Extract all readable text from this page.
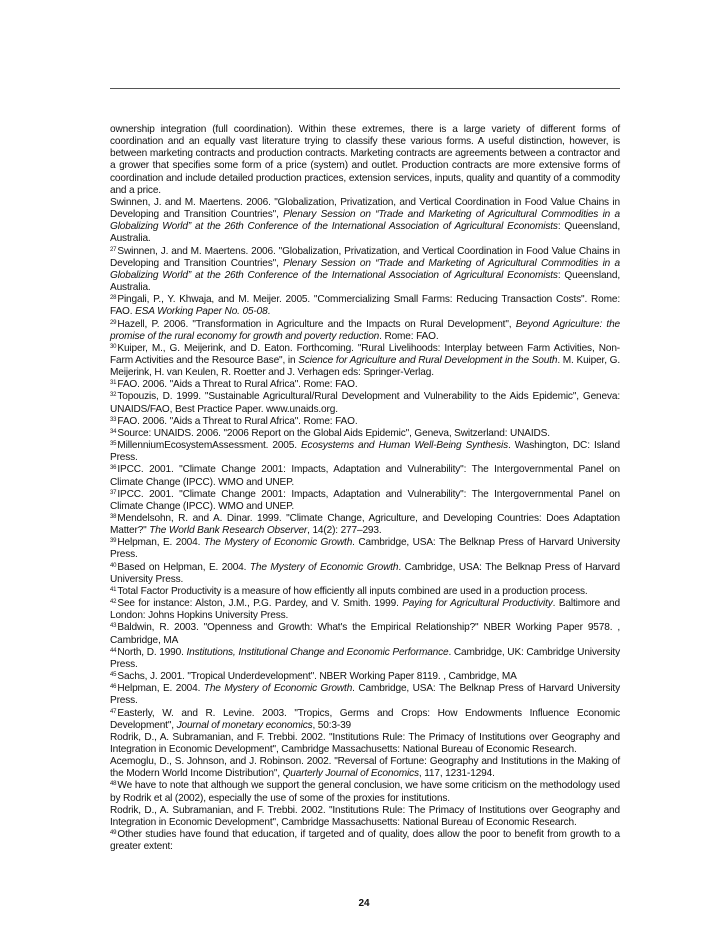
ownership integration (full coordination). Within these extremes, there is a large variety of different forms of coordination and an equally vast literature trying to classify these various forms. A useful distinction, however, is between marketing contracts and production contracts. Marketing contracts are agreements between a contractor and a grower that specifies some form of a price (system) and outlet. Production contracts are more extensive forms of coordination and include detailed production practices, extension services, inputs, quality and quantity of a commodity and a price.

Swinnen, J. and M. Maertens. 2006. "Globalization, Privatization, and Vertical Coordination in Food Value Chains in Developing and Transition Countries", Plenary Session on “Trade and Marketing of Agricultural Commodities in a Globalizing World” at the 26th Conference of the International Association of Agricultural Economists: Queensland, Australia.

$^{27}$Swinnen, J. and M. Maertens. 2006. "Globalization, Privatization, and Vertical Coordination in Food Value Chains in Developing and Transition Countries", Plenary Session on “Trade and Marketing of Agricultural Commodities in a Globalizing World” at the 26th Conference of the International Association of Agricultural Economists: Queensland, Australia.

$^{28}$Pingali, P., Y. Khwaja, and M. Meijer. 2005. "Commercializing Small Farms: Reducing Transaction Costs". Rome: FAO. ESA Working Paper No. 05-08.

$^{29}$Hazell, P. 2006. "Transformation in Agriculture and the Impacts on Rural Development", Beyond Agriculture: the promise of the rural economy for growth and poverty reduction. Rome: FAO.

$^{30}$Kuiper, M., G. Meijerink, and D. Eaton. Forthcoming. "Rural Livelihoods: Interplay between Farm Activities, Non-Farm Activities and the Resource Base", in Science for Agriculture and Rural Development in the South. M. Kuiper, G. Meijerink, H. van Keulen, R. Roetter and J. Verhagen eds: Springer-Verlag.

$^{31}$FAO. 2006. "Aids a Threat to Rural Africa". Rome: FAO.

$^{32}$Topouzis, D. 1999. "Sustainable Agricultural/Rural Development and Vulnerability to the Aids Epidemic", Geneva: UNAIDS/FAO, Best Practice Paper. www.unaids.org.

$^{33}$FAO. 2006. "Aids a Threat to Rural Africa". Rome: FAO.

$^{34}$Source: UNAIDS. 2006. "2006 Report on the Global Aids Epidemic", Geneva, Switzerland: UNAIDS.

$^{35}$MillenniumEcosystemAssessment. 2005. Ecosystems and Human Well-Being Synthesis. Washington, DC: Island Press.

$^{36}$IPCC. 2001. "Climate Change 2001: Impacts, Adaptation and Vulnerability": The Intergovernmental Panel on Climate Change (IPCC). WMO and UNEP.

$^{37}$IPCC. 2001. "Climate Change 2001: Impacts, Adaptation and Vulnerability": The Intergovernmental Panel on Climate Change (IPCC). WMO and UNEP.

$^{38}$Mendelsohn, R. and A. Dinar. 1999. "Climate Change, Agriculture, and Developing Countries: Does Adaptation Matter?" The World Bank Research Observer, 14(2): 277–293.

$^{39}$Helpman, E. 2004. The Mystery of Economic Growth. Cambridge, USA: The Belknap Press of Harvard University Press.

$^{40}$Based on Helpman, E. 2004. The Mystery of Economic Growth. Cambridge, USA: The Belknap Press of Harvard University Press.

$^{41}$Total Factor Productivity is a measure of how efficiently all inputs combined are used in a production process.

$^{42}$See for instance: Alston, J.M., P.G. Pardey, and V. Smith. 1999. Paying for Agricultural Productivity. Baltimore and London: Johns Hopkins University Press.

$^{43}$Baldwin, R. 2003. "Openness and Growth: What's the Empirical Relationship?" NBER Working Paper 9578. , Cambridge, MA

$^{44}$North, D. 1990. Institutions, Institutional Change and Economic Performance. Cambridge, UK: Cambridge University Press.

$^{45}$Sachs, J. 2001. "Tropical Underdevelopment". NBER Working Paper 8119. , Cambridge, MA

$^{46}$Helpman, E. 2004. The Mystery of Economic Growth. Cambridge, USA: The Belknap Press of Harvard University Press.

$^{47}$Easterly, W. and R. Levine. 2003. "Tropics, Germs and Crops: How Endowments Influence Economic Development", Journal of monetary economics, 50:3-39

Rodrik, D., A. Subramanian, and F. Trebbi. 2002. "Institutions Rule: The Primacy of Institutions over Geography and Integration in Economic Development", Cambridge Massachusetts: National Bureau of Economic Research.

Acemoglu, D., S. Johnson, and J. Robinson. 2002. "Reversal of Fortune: Geography and Institutions in the Making of the Modern World Income Distribution", Quarterly Journal of Economics, 117, 1231-1294.

$^{48}$We have to note that although we support the general conclusion, we have some criticism on the methodology used by Rodrik et al (2002), especially the use of some of the proxies for institutions.

Rodrik, D., A. Subramanian, and F. Trebbi. 2002. "Institutions Rule: The Primacy of Institutions over Geography and Integration in Economic Development", Cambridge Massachusetts: National Bureau of Economic Research.

$^{49}$Other studies have found that education, if targeted and of quality, does allow the poor to benefit from growth to a greater extent:

24
